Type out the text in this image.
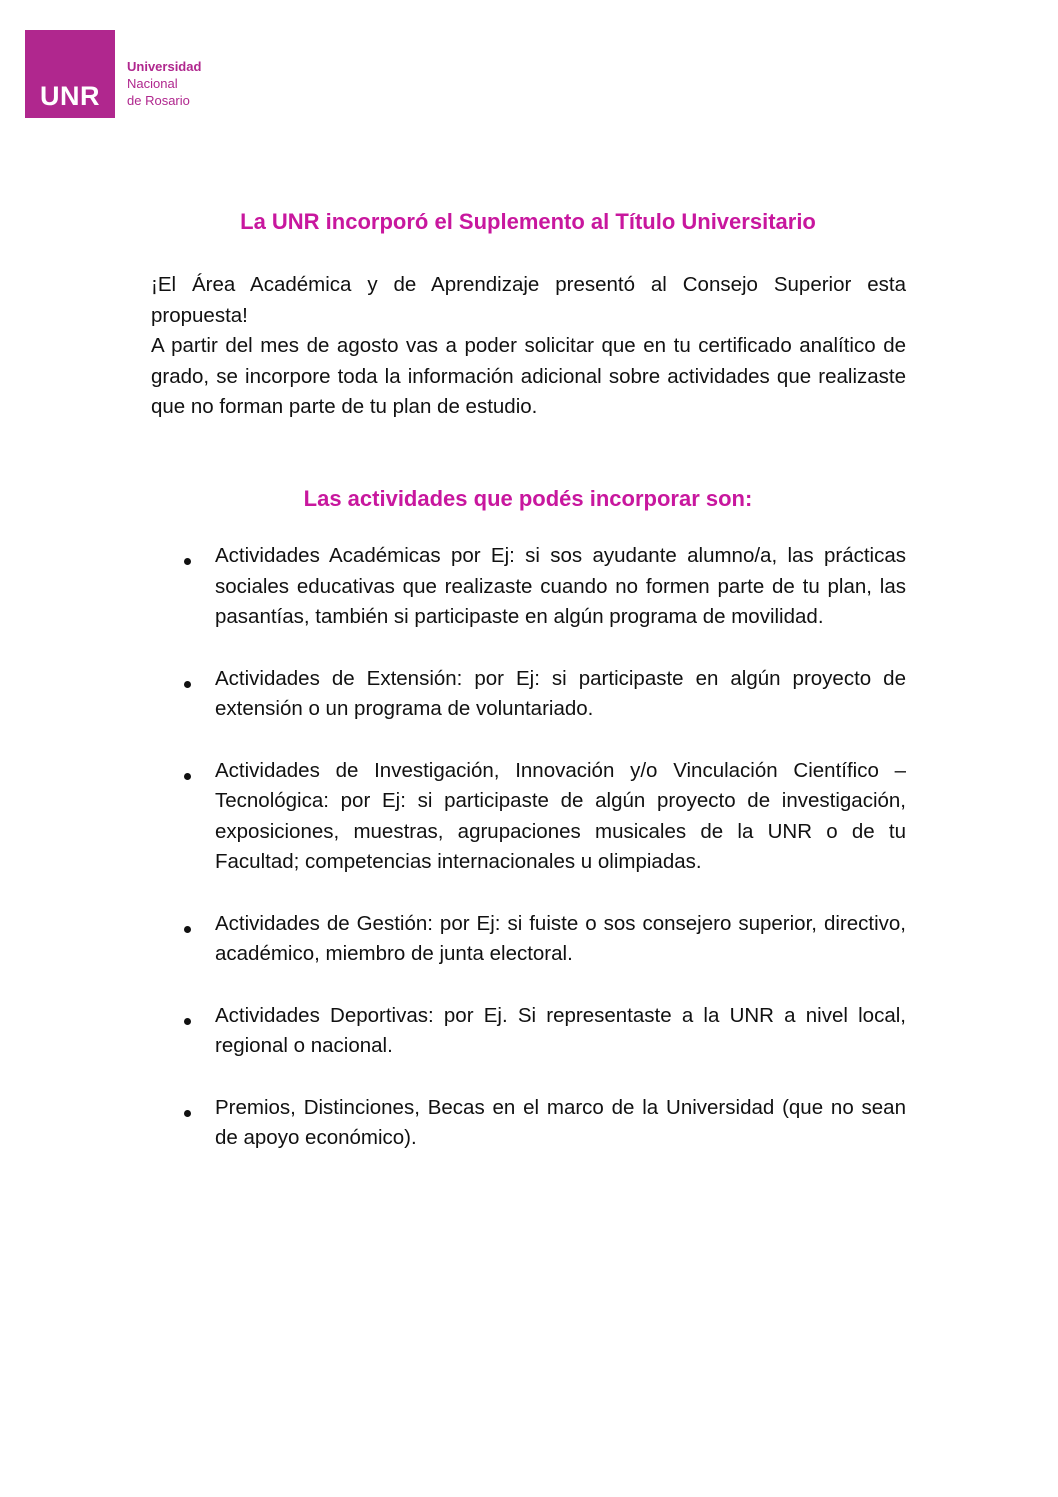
UNR
Universidad
Nacional
de Rosario
La UNR incorporó el Suplemento al Título Universitario

¡El Área Académica y de Aprendizaje presentó al Consejo Superior esta propuesta!

A partir del mes de agosto vas a poder solicitar que en tu certificado analítico de grado, se incorpore toda la información adicional sobre actividades que realizaste que no forman parte de tu plan de estudio.

Las actividades que podés incorporar son:
Actividades Académicas por Ej: si sos ayudante alumno/a, las prácticas sociales educativas que realizaste cuando no formen parte de tu plan, las pasantías, también si participaste en algún programa de movilidad.
Actividades de Extensión: por Ej: si participaste en algún proyecto de extensión o un programa de voluntariado.
Actividades de Investigación, Innovación y/o Vinculación Científico – Tecnológica: por Ej: si participaste de algún proyecto de investigación, exposiciones, muestras, agrupaciones musicales de la UNR o de tu Facultad; competencias internacionales u olimpiadas.
Actividades de Gestión: por Ej: si fuiste o sos consejero superior, directivo, académico, miembro de junta electoral.
Actividades Deportivas: por Ej. Si representaste a la UNR a nivel local, regional o nacional.
Premios, Distinciones, Becas en el marco de la Universidad (que no sean de apoyo económico).
